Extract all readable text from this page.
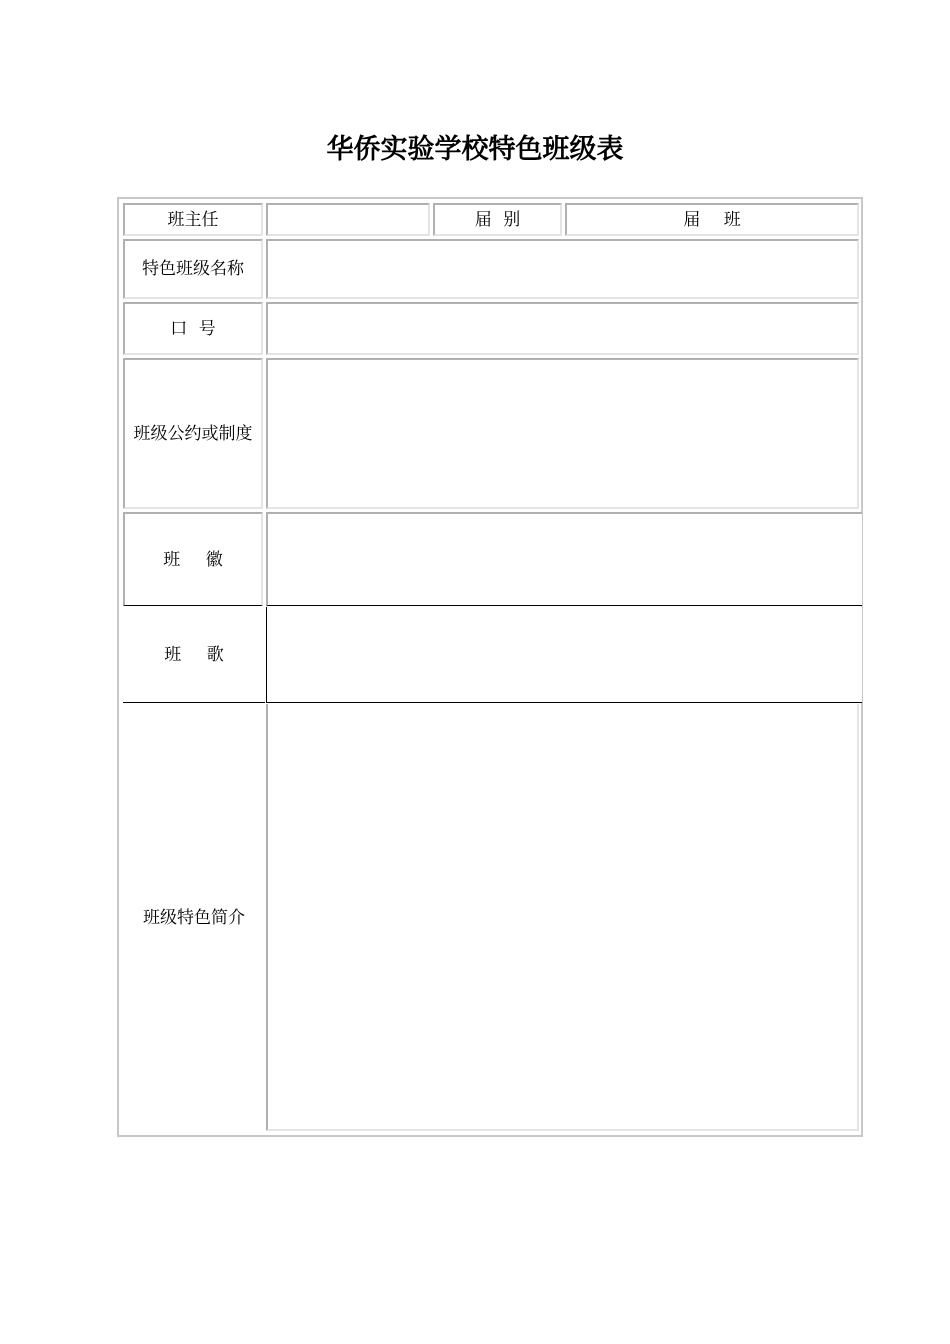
华侨实验学校特色班级表
班主任	届 别	届 班
特色班级名称
口 号
班级公约或制度
班 徽
班 歌
班级特色简介
